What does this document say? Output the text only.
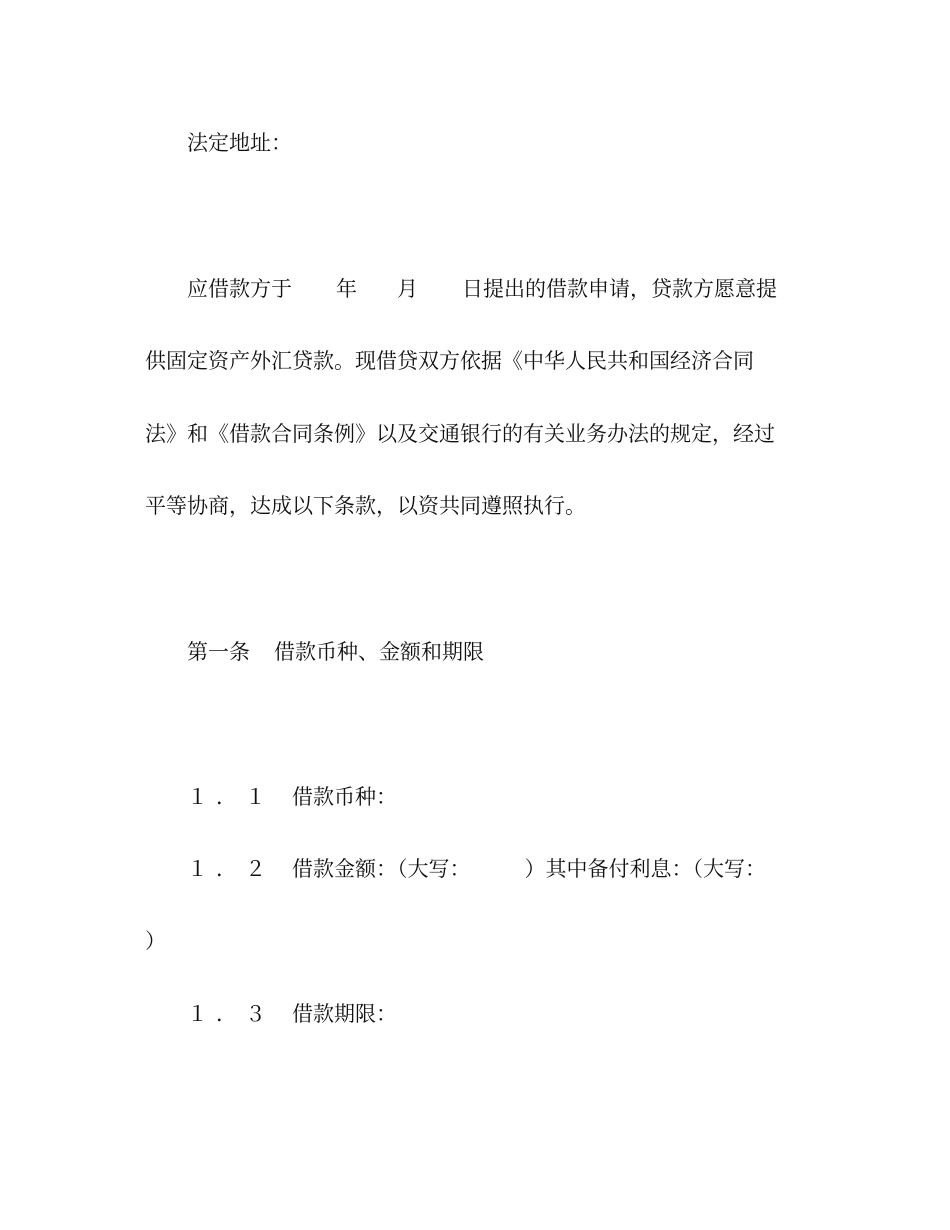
法定地址：
应借款方于 年 月 日提出的借款申请，贷款方愿意提
供固定资产外汇贷款。现借贷双方依据《中华人民共和国经济合同
法》和《借款合同条例》以及交通银行的有关业务办法的规定，经过
平等协商，达成以下条款，以资共同遵照执行。
第一条 借款币种、金额和期限
１．１ 借款币种：
１．２ 借款金额：（大写：	）其中备付利息：（大写：
）
１．３ 借款期限：
